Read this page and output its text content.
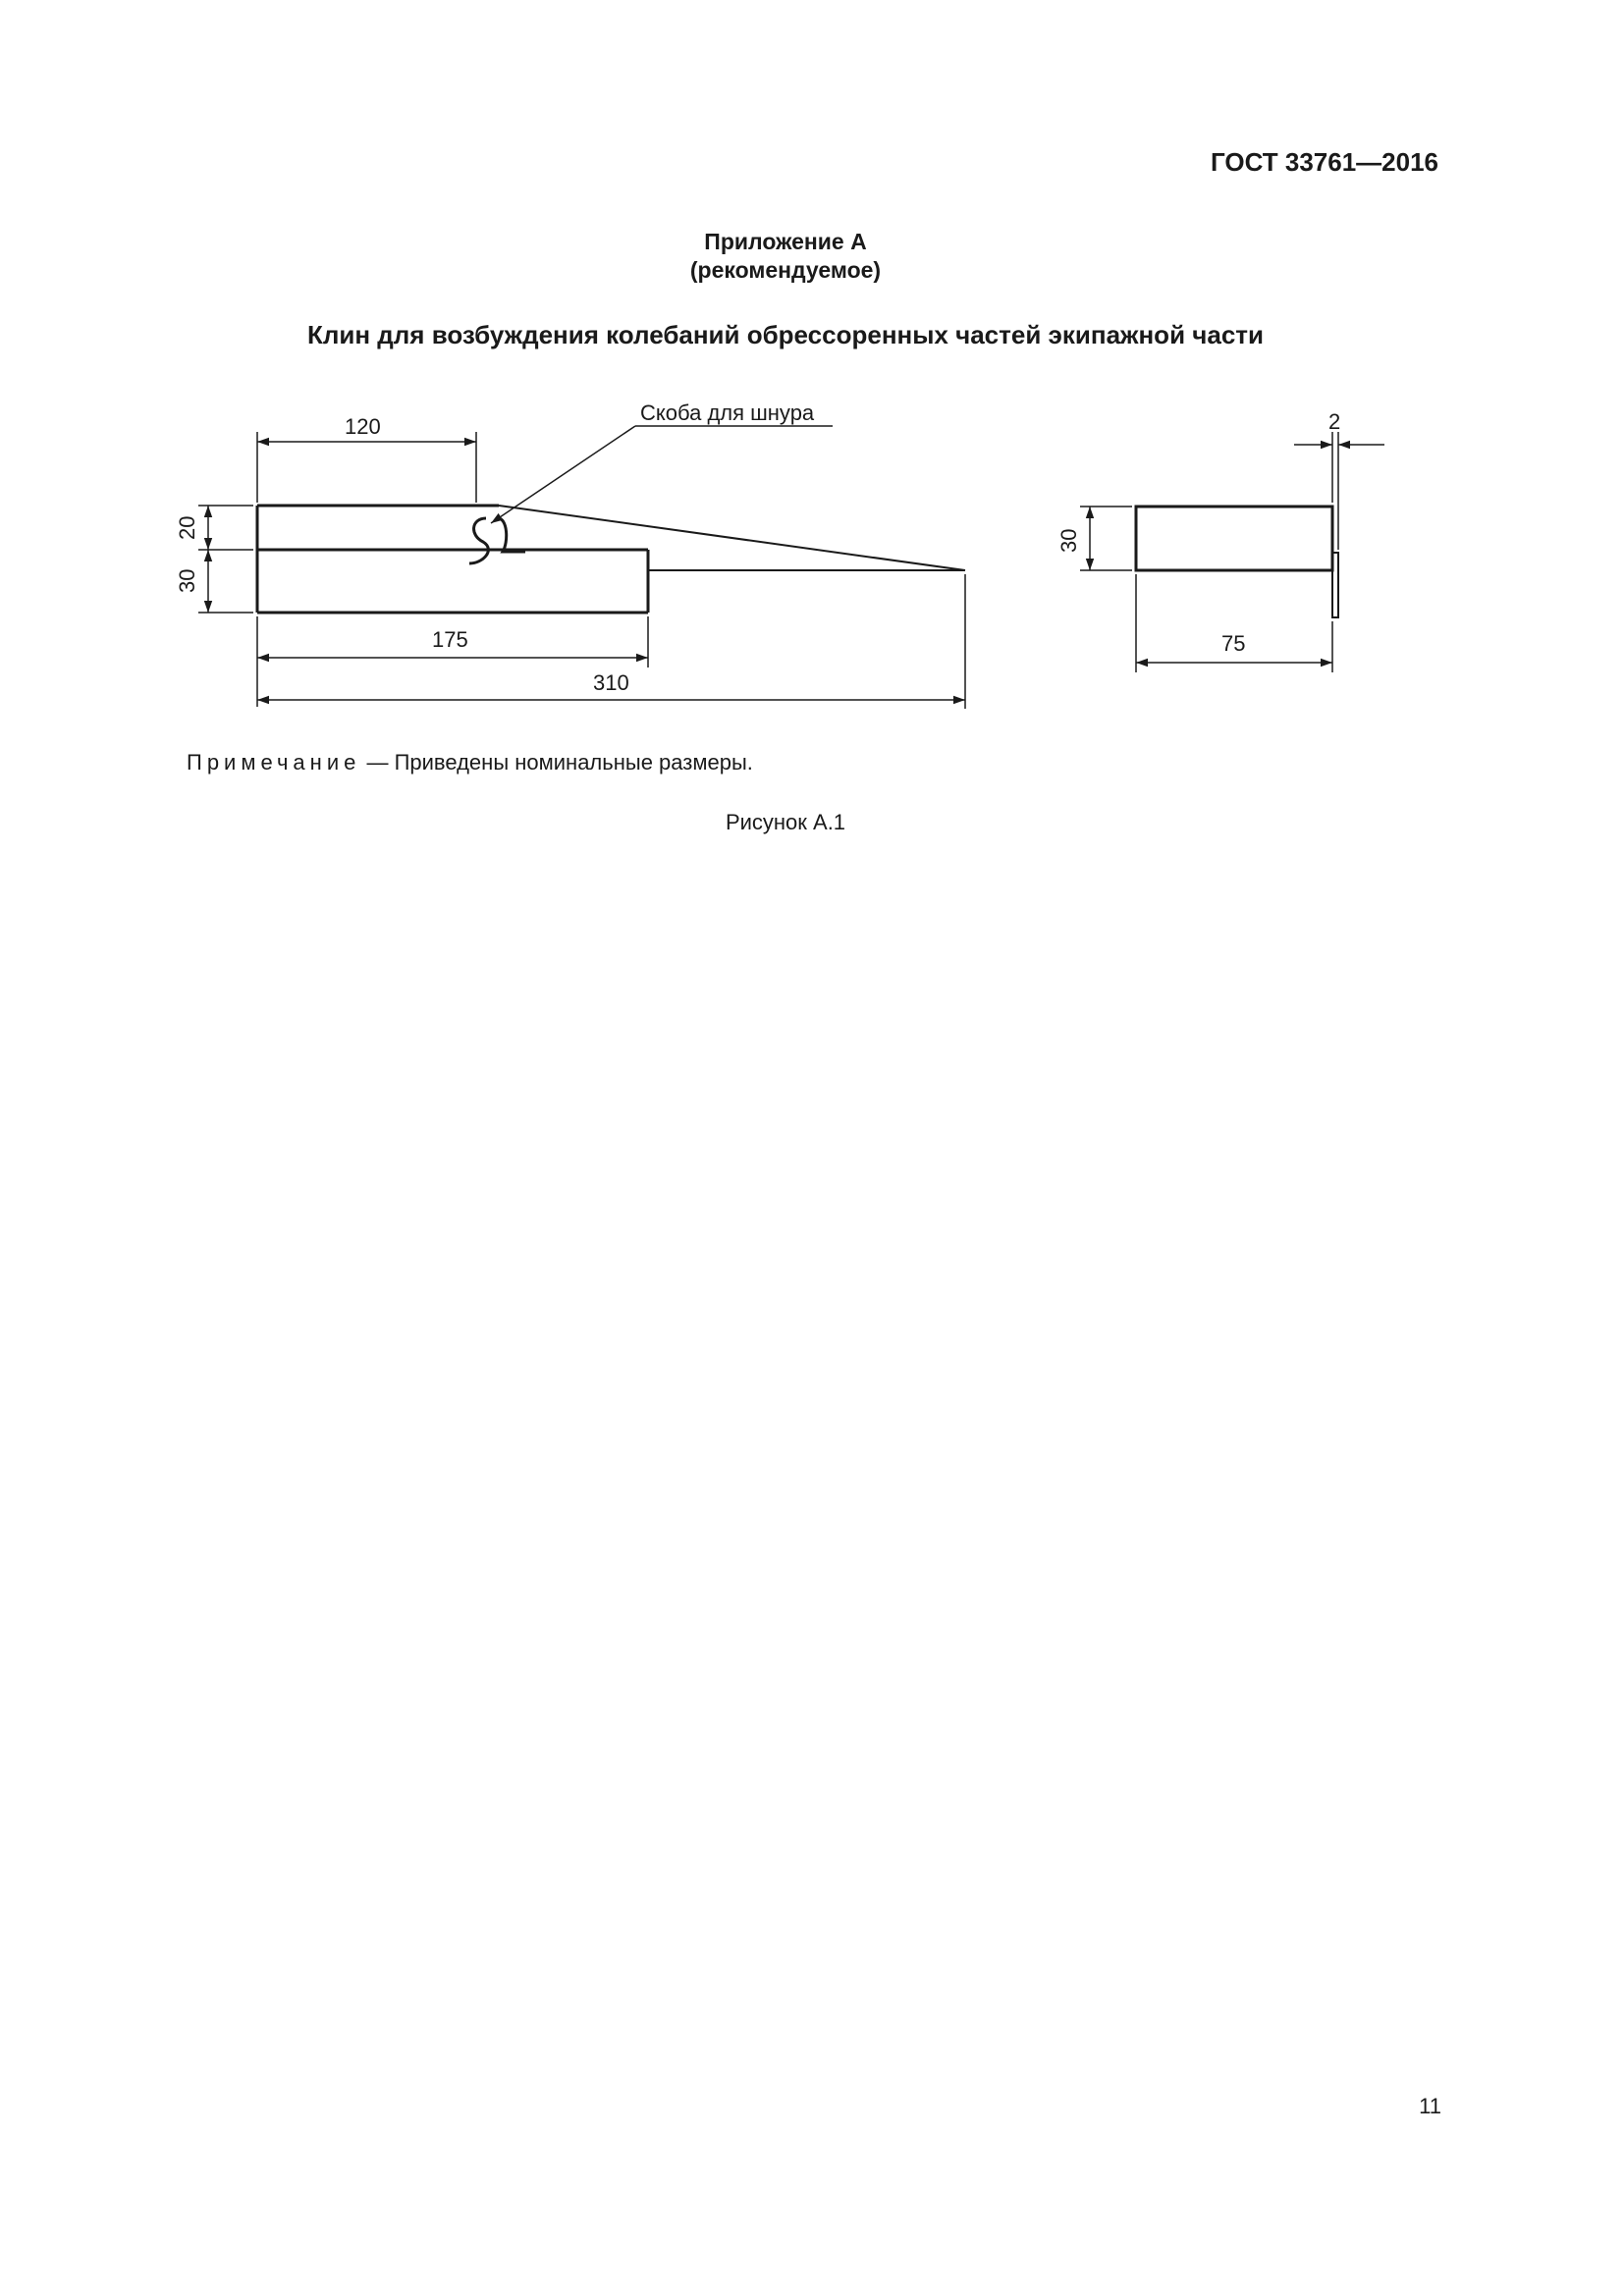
ГОСТ 33761—2016
Приложение А
(рекомендуемое)
Клин для возбуждения колебаний обрессоренных частей экипажной части
Скоба для шнура
120
20
30
175
310
2
30
75
Примечание — Приведены номинальные размеры.
Рисунок А.1
11
